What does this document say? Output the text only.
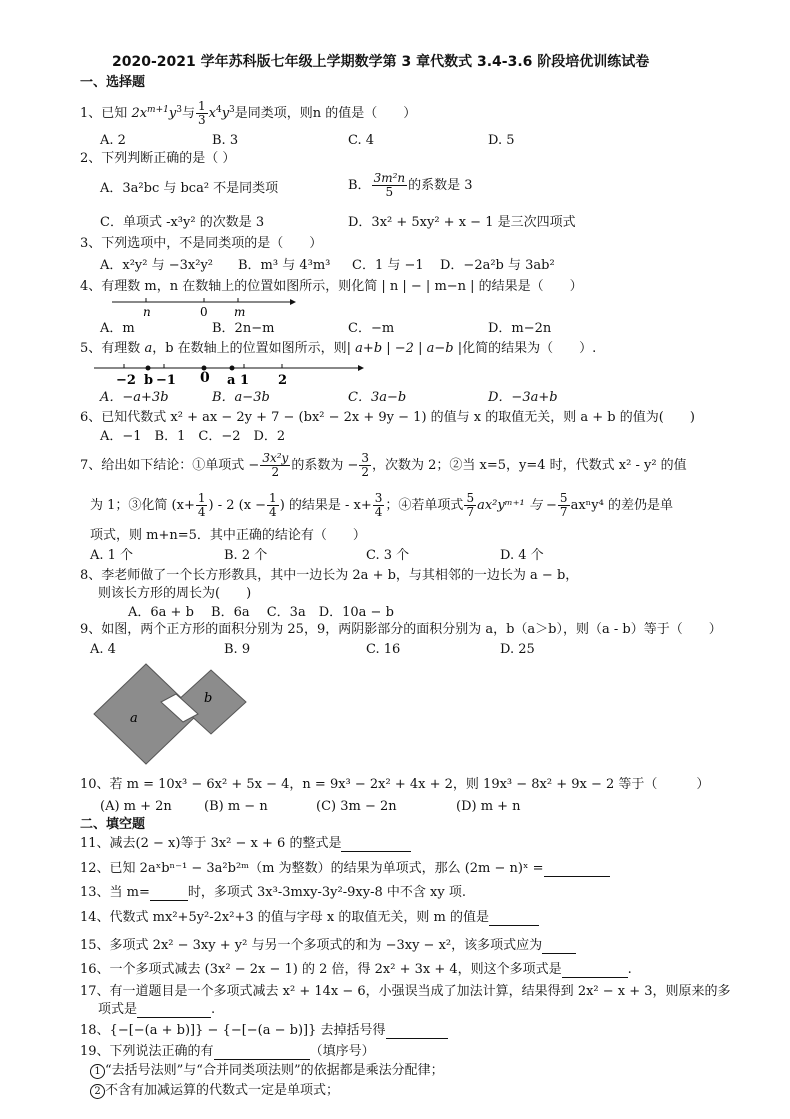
2020-2021 学年苏科版七年级上学期数学第 3 章代数式 3.4-3.6 阶段培优训练试卷
一、选择题
1、已知 $2x^{m+1}y^3$与 $\frac{1}{3} x^4y^3$是同类项，则n 的值是（　　）
A. 2	B. 3	C. 4	D. 5
2、下列判断正确的是（ ）
A．3a²bc 与 bca² 不是同类项	B． $\frac{\text{3m²n}}{5}$ 的系数是 3
C．单项式 -x³y² 的次数是 3	D．3x² + 5xy² + x − 1 是三次四项式
3、下列选项中，不是同类项的是（　　）
A．x²y² 与 −3x²y² B．m³ 与 4³m³ C．1 与 −1 D．−2a²b 与 3ab²
4、有理数 m，n 在数轴上的位置如图所示，则化简 | n | − | m−n | 的结果是（　　）
n	0 m
A．m	B．2n−m	C．−m	D．m−2n
5、有理数 a，b 在数轴上的位置如图所示，则| a+b | −2 | a−b |化简的结果为（　　）.
−2 b −1 0 a 1 2
A．−a+3b	B．a−3b	C．3a−b	D．−3a+b
6、已知代数式 x² + ax − 2y + 7 − (bx² − 2x + 9y − 1) 的值与 x 的取值无关，则 a + b 的值为(　　)
A．−1　B．1　C．−2　D．2
7、给出如下结论：①单项式 − $\frac{\text{3x²y}}{2}$ 的系数为 − $\frac{3}{2}$ ，次数为 2；②当 x=5，y=4 时，代数式 x² - y² 的值
为 1；③化简 ($x+ \frac{1}{4}$ ) - 2 ($x - \frac{1}{4}$ ) 的结果是 - $x+ \frac{3}{4}$ ；④若单项式 $\frac{5}{7}$ ax²yᵐ⁺¹ 与 − $\frac{5}{7} ax^ny^4$ 的差仍是单
项式，则 m+n=5．其中正确的结论有（　　）
A. 1 个	B. 2 个	C. 3 个	D. 4 个
8、李老师做了一个长方形教具，其中一边长为 2a + b，与其相邻的一边长为 a − b，
则该长方形的周长为(　　)
A．6a + b　 B．6a　 C．3a　D．10a − b
9、如图，两个正方形的面积分别为 25，9，两阴影部分的面积分别为 a，b（a＞b），则（a - b）等于（　　）
A. 4	B. 9	C. 16	D. 25
a
b
10、若 m = 10x³ − 6x² + 5x − 4，n = 9x³ − 2x² + 4x + 2，则 19x³ − 8x² + 9x − 2 等于（　　　）
(A) m + 2n (B) m − n	(C) 3m − 2n	(D) m + n
二、填空题
11、减去(2 − x)等于 3x² − x + 6 的整式是
12、已知 2aˣbⁿ⁻¹ − 3a²b²ᵐ（m 为整数）的结果为单项式，那么 (2m − n)ˣ =
13、当 m=	时，多项式 3x³-3mxy-3y²-9xy-8 中不含 xy 项.
14、代数式 mx²+5y²-2x²+3 的值与字母 x 的取值无关，则 m 的值是
15、多项式 2x² − 3xy + y² 与另一个多项式的和为 −3xy − x²，该多项式应为
16、一个多项式减去 (3x² − 2x − 1) 的 2 倍，得 2x² + 3x + 4，则这个多项式是	.
17、有一道题目是一个多项式减去 x² + 14x − 6，小强误当成了加法计算，结果得到 2x² − x + 3，则原来的多
项式是	.
18、{−[−(a + b)]} − {−[−(a − b)]} 去掉括号得
19、下列说法正确的有	（填序号）
1 “去括号法则”与“合并同类项法则”的依据都是乘法分配律；
2 不含有加减运算的代数式一定是单项式；
